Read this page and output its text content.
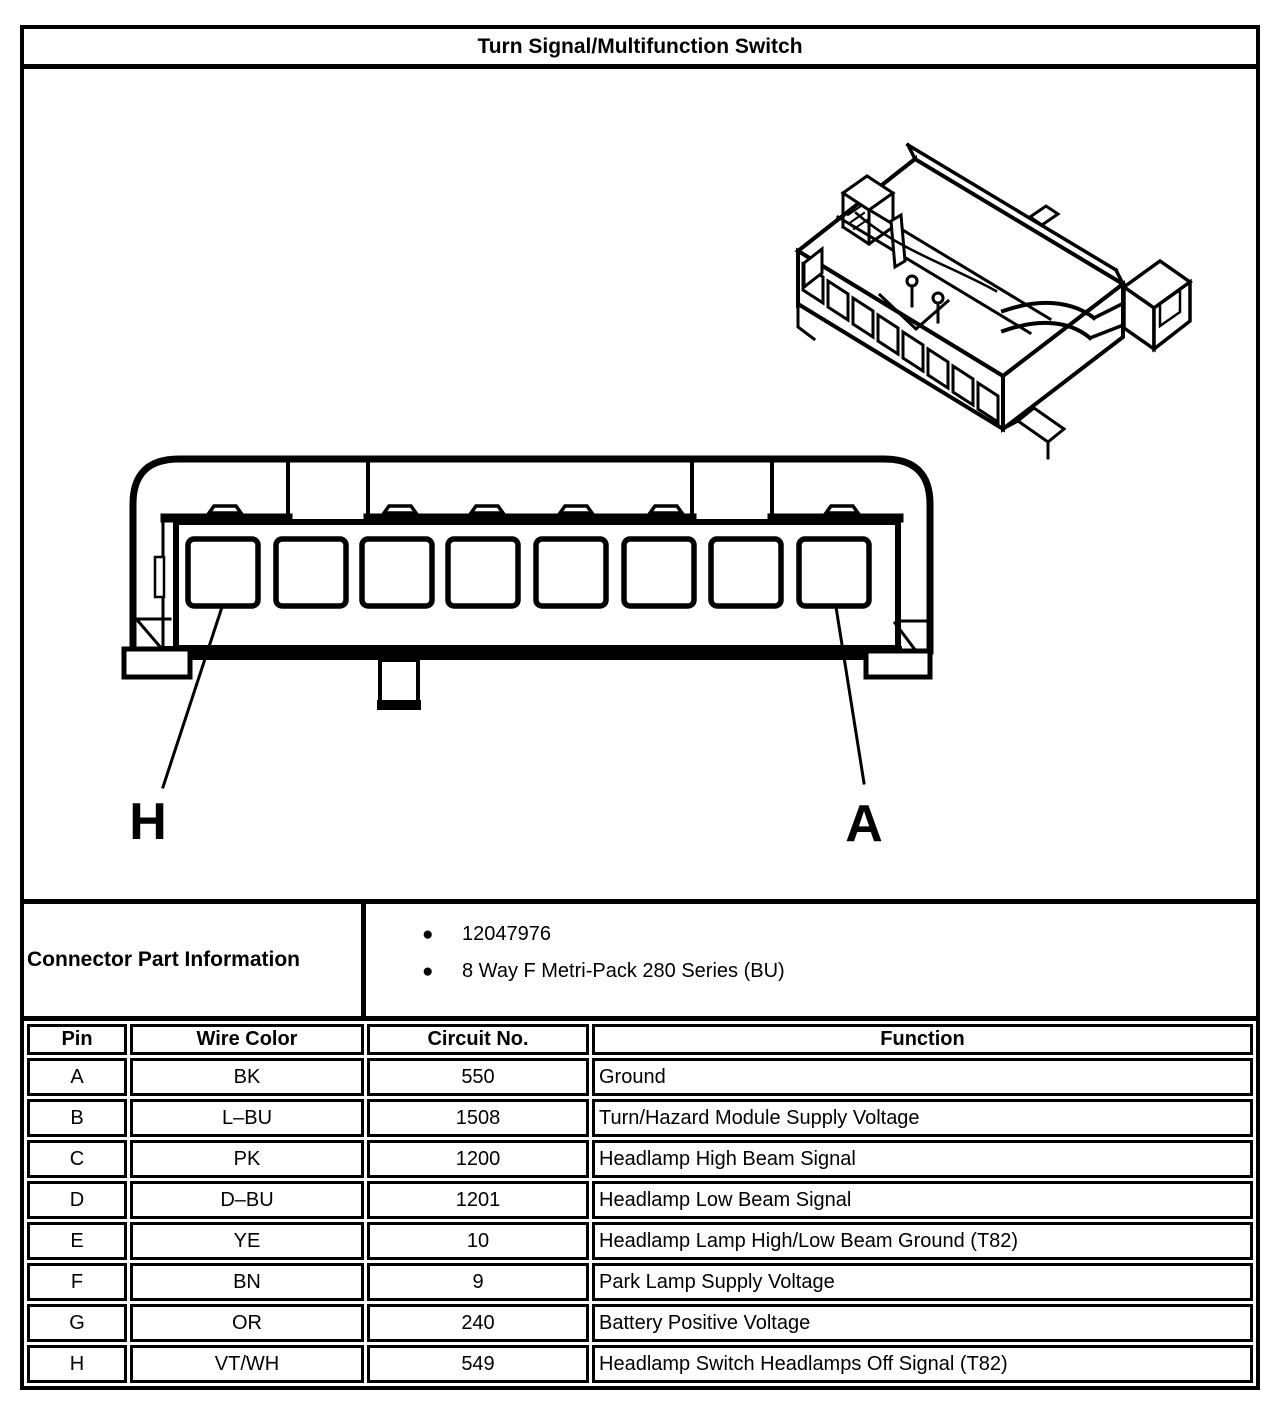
Turn Signal/Multifunction Switch
H	A
Connector Part Information
●	12047976
●	8 Way F Metri-Pack 280 Series (BU)
Pin	Wire Color	Circuit No.	Function
A	BK	550	Ground
B	L–BU	1508	Turn/Hazard Module Supply Voltage
C	PK	1200	Headlamp High Beam Signal
D	D–BU	1201	Headlamp Low Beam Signal
E	YE	10	Headlamp Lamp High/Low Beam Ground (T82)
F	BN	9	Park Lamp Supply Voltage
G	OR	240	Battery Positive Voltage
H	VT/WH	549	Headlamp Switch Headlamps Off Signal (T82)
